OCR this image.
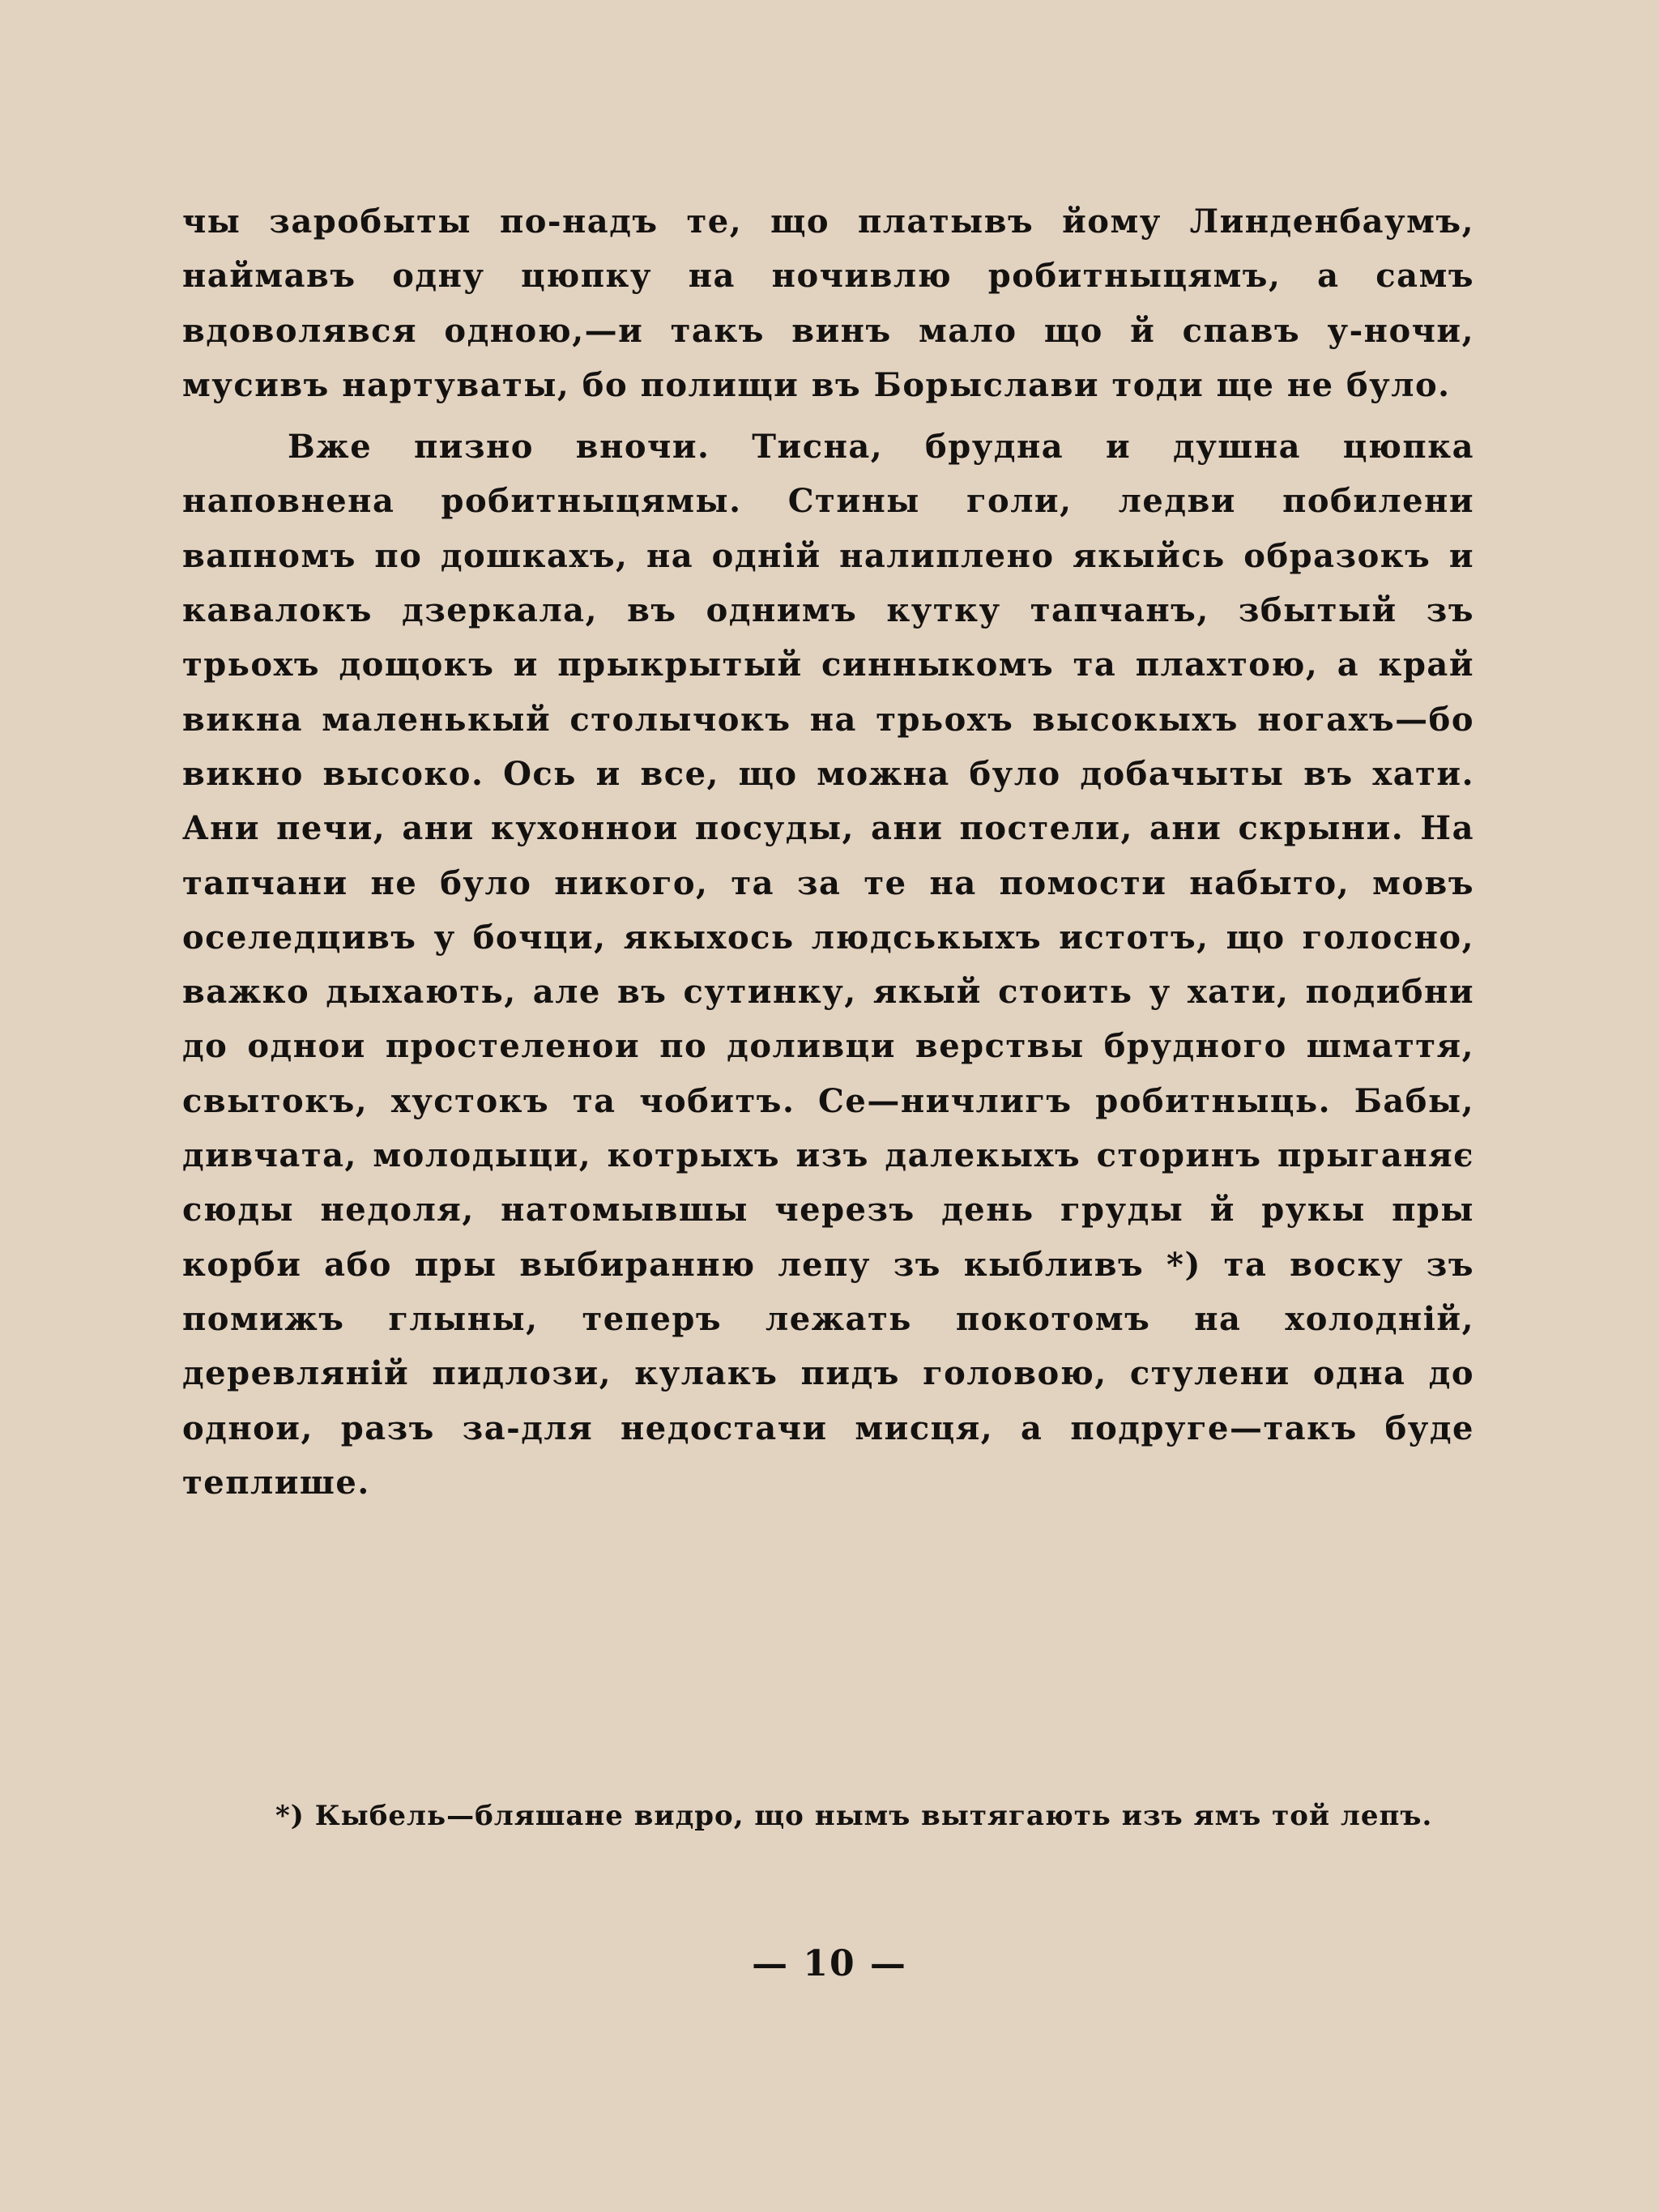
чы заробыты по-надъ те, що платывъ йому Линденбаумъ, наймавъ одну цюпку на ночивлю робитныцямъ, а самъ вдоволявся одною,—и такъ винъ мало що й спавъ у-ночи, мусивъ нартуваты, бо полищи въ Борыслави тоди ще не було.

Вже пизно вночи. Тисна, брудна и душна цюпка наповнена робитныцямы. Стины голи, ледви побилени вапномъ по дошкахъ, на одній налиплено якыйсь образокъ и кавалокъ дзеркала, въ однимъ кутку тапчанъ, збытый зъ трьохъ дощокъ и прыкрытый синныкомъ та плахтою, а край викна маленькый столычокъ на трьохъ высокыхъ ногахъ—бо викно высоко. Ось и все, що можна було добачыты въ хати. Ани печи, ани кухоннои посуды, ани постели, ани скрыни. На тапчани не було никого, та за те на помости набыто, мовъ оселедцивъ у бочци, якыхось людськыхъ истотъ, що голосно, важко дыхають, але въ сутинку, якый стоить у хати, подибни до однои простеленои по доливци верствы брудного шмаття, свытокъ, хустокъ та чобитъ. Се—ничлигъ робитныць. Бабы, дивчата, молодыци, котрыхъ изъ далекыхъ сторинъ прыганяє сюды недоля, натомывшы черезъ день груды й рукы пры корби або пры выбиранню лепу зъ кыбливъ *) та воску зъ помижъ глыны, теперъ лежать покотомъ на холодній, деревляній пидлози, кулакъ пидъ головою, стулени одна до однои, разъ за-для недостачи мисця, а подруге—такъ буде теплише.

*) Кыбель—бляшане видро, що нымъ вытягають изъ ямъ той лепъ.

— 10 —
